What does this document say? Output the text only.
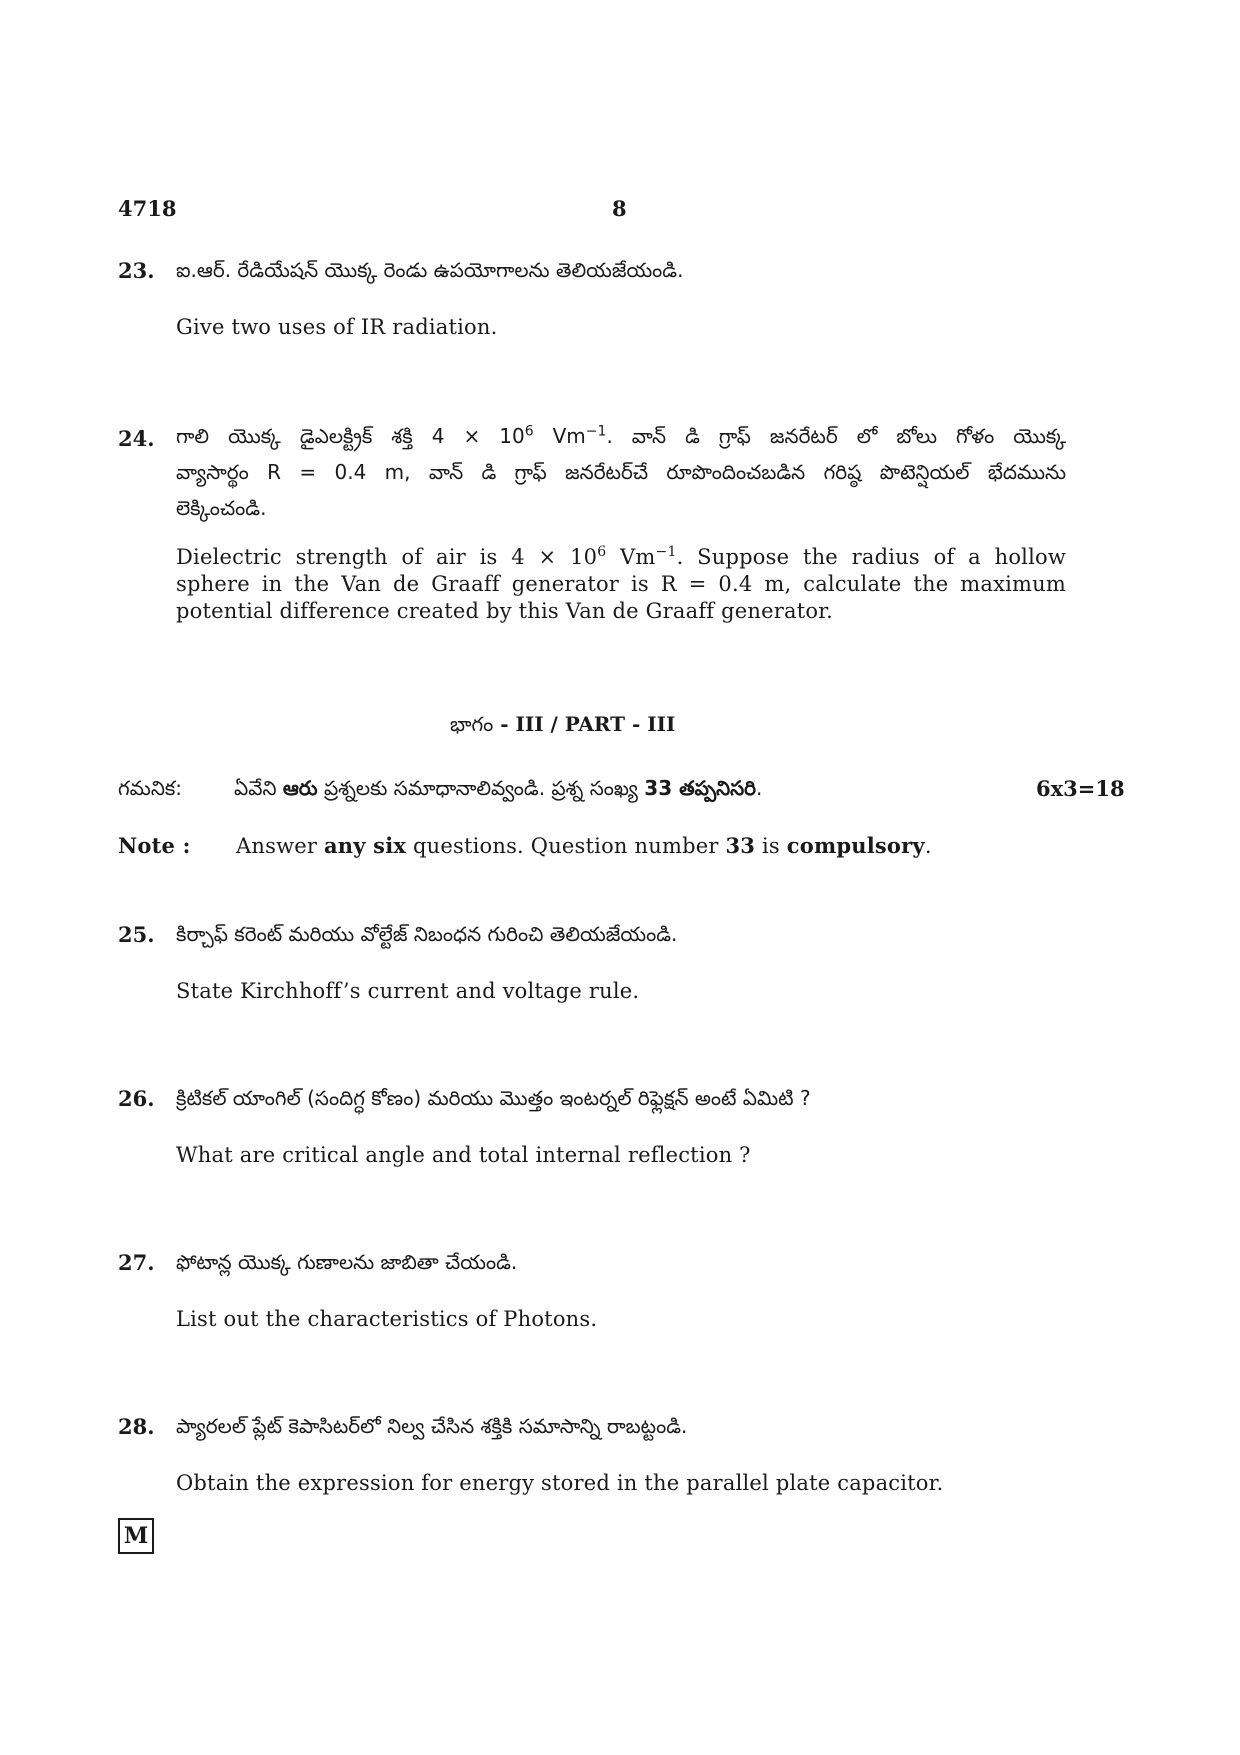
4718	8
23. ఐ.ఆర్. రేడియేషన్ యొక్క రెండు ఉపయోగాలను తెలియజేయండి.
Give two uses of IR radiation.
24. గాలి యొక్క డైఎలక్ట్రిక్ శక్తి $4 \times 10^6$ $Vm^{-1}$. వాన్ డి గ్రాఫ్ జనరేటర్ లో బోలు గోళం యొక్క
వ్యాసార్థం R = 0.4 m, వాన్ డి గ్రాఫ్ జనరేటర్‌చే రూపొందించబడిన గరిష్ఠ పొటెన్షియల్ భేదమును
లెక్కించండి.
Dielectric strength of air is $4 \times 10^6$ $Vm^{-1}$. Suppose the radius of a hollow
sphere in the Van de Graaff generator is R = 0.4 m, calculate the maximum
potential difference created by this Van de Graaff generator.
భాగం - III / PART - III
గమనిక:	ఏవేని ఆరు ప్రశ్నలకు సమాధానాలివ్వండి. ప్రశ్న సంఖ్య 33 తప్పనిసరి.	6x3=18
Note : Answer any six questions. Question number 33 is compulsory.
25. కిర్చాఫ్ కరెంట్ మరియు వోల్టేజ్ నిబంధన గురించి తెలియజేయండి.
State Kirchhoff’s current and voltage rule.
26. క్రిటికల్ యాంగిల్ (సందిగ్ధ కోణం) మరియు మొత్తం ఇంటర్నల్ రిఫ్లెక్షన్ అంటే ఏమిటి ?
What are critical angle and total internal reflection ?
27. ఫోటాన్ల యొక్క గుణాలను జాబితా చేయండి.
List out the characteristics of Photons.
28. ప్యారలల్ ప్లేట్ కెపాసిటర్‌లో నిల్వ చేసిన శక్తికి సమాసాన్ని రాబట్టండి.
Obtain the expression for energy stored in the parallel plate capacitor.
M
